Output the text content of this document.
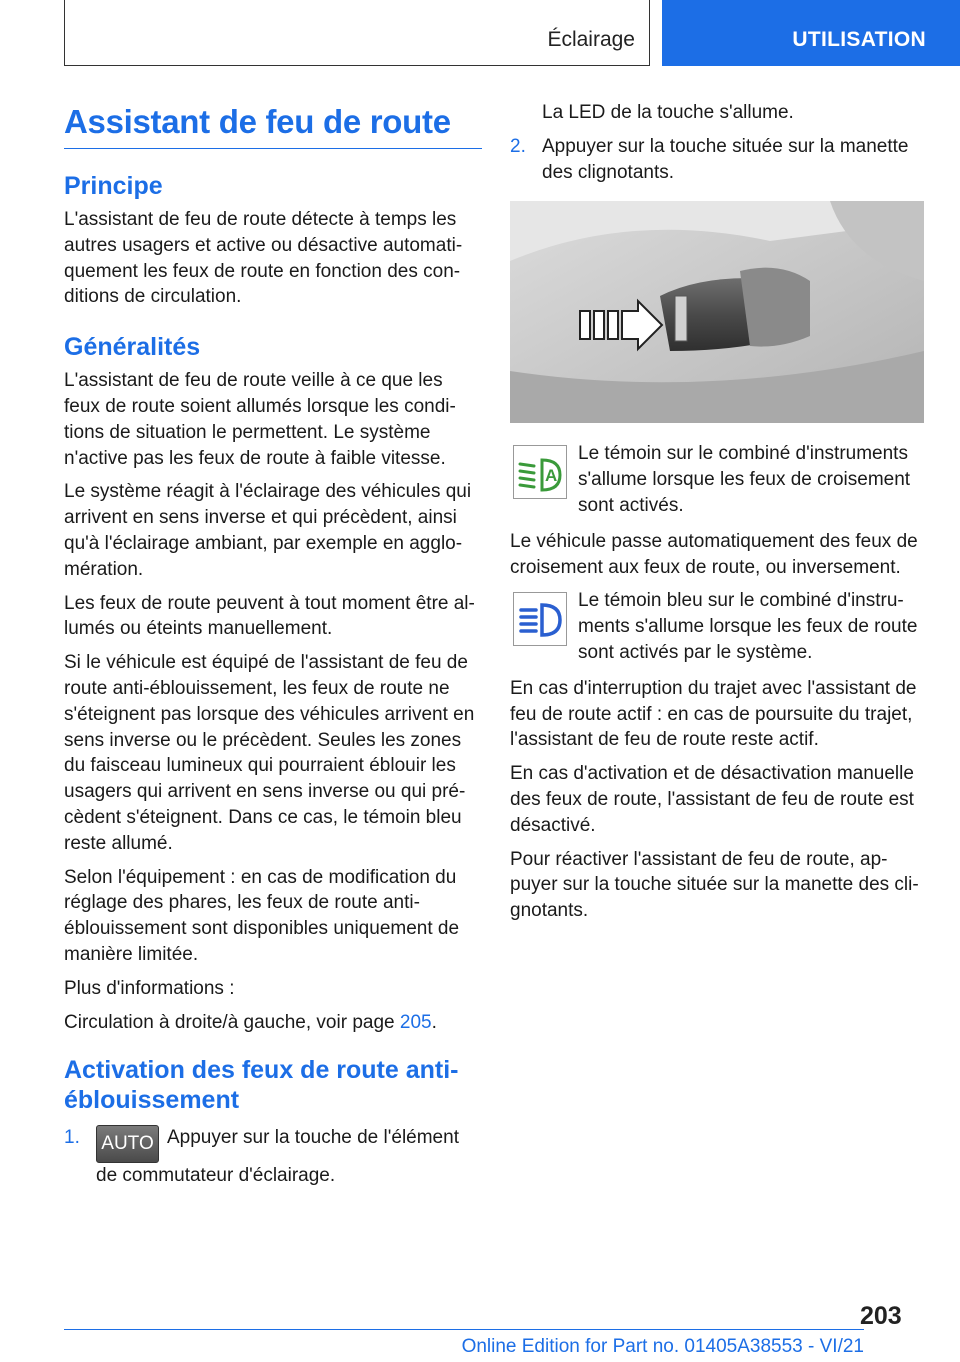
Éclairage	UTILISATION
Assistant de feu de route
Principe

L'assistant de feu de route détecte à temps les autres usagers et active ou désactive automati-quement les feux de route en fonction des con-ditions de circulation.

Généralités

L'assistant de feu de route veille à ce que les feux de route soient allumés lorsque les condi-tions de situation le permettent. Le système n'active pas les feux de route à faible vitesse.

Le système réagit à l'éclairage des véhicules qui arrivent en sens inverse et qui précèdent, ainsi qu'à l'éclairage ambiant, par exemple en agglo-mération.

Les feux de route peuvent à tout moment être al-lumés ou éteints manuellement.

Si le véhicule est équipé de l'assistant de feu de route anti-éblouissement, les feux de route ne s'éteignent pas lorsque des véhicules arrivent en sens inverse ou le précèdent. Seules les zones du faisceau lumineux qui pourraient éblouir les usagers qui arrivent en sens inverse ou qui pré-cèdent s'éteignent. Dans ce cas, le témoin bleu reste allumé.

Selon l'équipement : en cas de modification du réglage des phares, les feux de route anti-éblouissement sont disponibles uniquement de manière limitée.

Plus d'informations :

Circulation à droite/à gauche, voir page 205.

Activation des feux de route anti-éblouissement
1. AUTO Appuyer sur la touche de l'élément de commutateur d'éclairage.
La LED de la touche s'allume.
2. Appuyer sur la touche située sur la manette des clignotants.
A
Le témoin sur le combiné d'instruments s'allume lorsque les feux de croisement sont activés.

Le véhicule passe automatiquement des feux de croisement aux feux de route, ou inversement.

Le témoin bleu sur le combiné d'instru-ments s'allume lorsque les feux de route sont activés par le système.

En cas d'interruption du trajet avec l'assistant de feu de route actif : en cas de poursuite du trajet, l'assistant de feu de route reste actif.

En cas d'activation et de désactivation manuelle des feux de route, l'assistant de feu de route est désactivé.

Pour réactiver l'assistant de feu de route, ap-puyer sur la touche située sur la manette des cli-gnotants.

203
Online Edition for Part no. 01405A38553 - VI/21
